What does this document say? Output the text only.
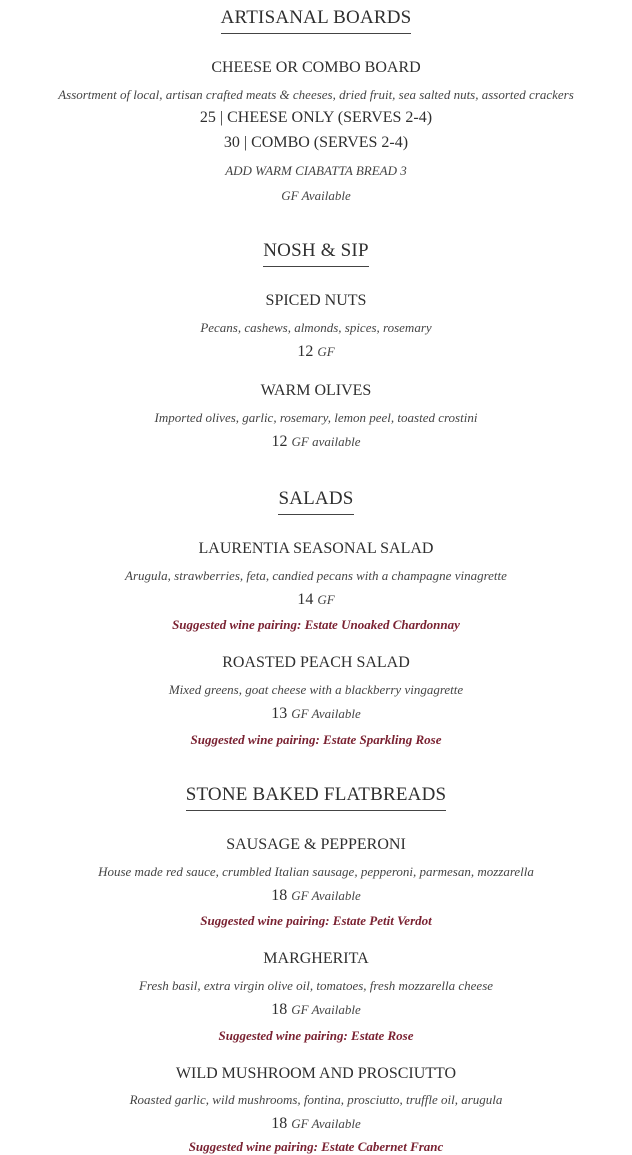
ARTISANAL BOARDS

CHEESE OR COMBO BOARD

Assortment of local, artisan crafted meats & cheeses, dried fruit, sea salted nuts, assorted crackers

25 | CHEESE ONLY (SERVES 2-4)

30 | COMBO (SERVES 2-4)

ADD WARM CIABATTA BREAD 3

GF Available

NOSH & SIP

SPICED NUTS

Pecans, cashews, almonds, spices, rosemary

12 GF

WARM OLIVES

Imported olives, garlic, rosemary, lemon peel, toasted crostini

12 GF available

SALADS

LAURENTIA SEASONAL SALAD

Arugula, strawberries, feta, candied pecans with a champagne vinagrette

14 GF

Suggested wine pairing: Estate Unoaked Chardonnay

ROASTED PEACH SALAD

Mixed greens, goat cheese with a blackberry vingagrette

13 GF Available

Suggested wine pairing: Estate Sparkling Rose

STONE BAKED FLATBREADS

SAUSAGE & PEPPERONI

House made red sauce, crumbled Italian sausage, pepperoni, parmesan, mozzarella

18 GF Available

Suggested wine pairing: Estate Petit Verdot

MARGHERITA

Fresh basil, extra virgin olive oil, tomatoes, fresh mozzarella cheese

18 GF Available

Suggested wine pairing: Estate Rose

WILD MUSHROOM AND PROSCIUTTO

Roasted garlic, wild mushrooms, fontina, prosciutto, truffle oil, arugula

18 GF Available

Suggested wine pairing: Estate Cabernet Franc
